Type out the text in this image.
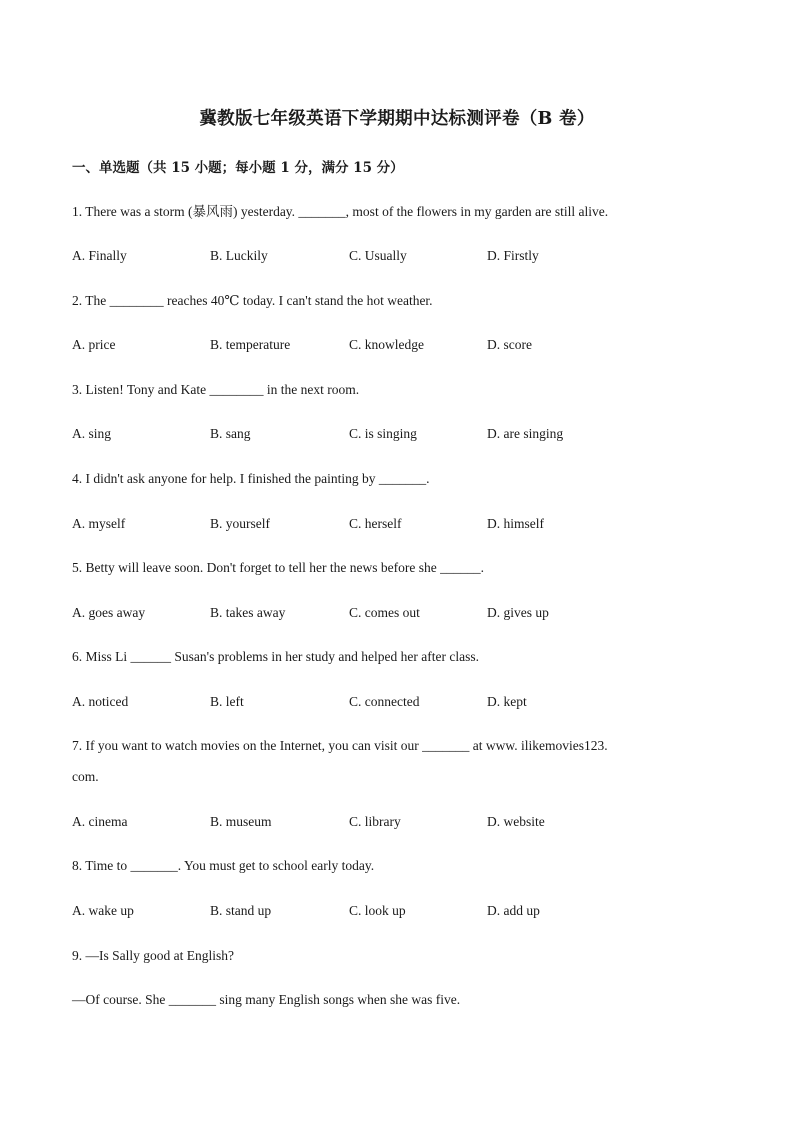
冀教版七年级英语下学期期中达标测评卷（B 卷）
一、单选题（共 15 小题；每小题 1 分，满分 15 分）
1. There was a storm (暴风雨) yesterday. _______, most of the flowers in my garden are still alive.
A. Finally	B. Luckily	C. Usually	D. Firstly
2. The ________ reaches 40℃ today. I can't stand the hot weather.
A. price	B. temperature	C. knowledge	D. score
3. Listen! Tony and Kate ________ in the next room.
A. sing	B. sang	C. is singing	D. are singing
4. I didn't ask anyone for help. I finished the painting by _______.
A. myself	B. yourself	C. herself	D. himself
5. Betty will leave soon. Don't forget to tell her the news before she ______.
A. goes away	B. takes away	C. comes out	D. gives up
6. Miss Li ______ Susan's problems in her study and helped her after class.
A. noticed	B. left	C. connected	D. kept
7. If you want to watch movies on the Internet, you can visit our _______ at www. ilikemovies123.
com.
A. cinema	B. museum	C. library	D. website
8. Time to _______. You must get to school early today.
A. wake up	B. stand up	C. look up	D. add up
9. —Is Sally good at English?
—Of course. She _______ sing many English songs when she was five.
